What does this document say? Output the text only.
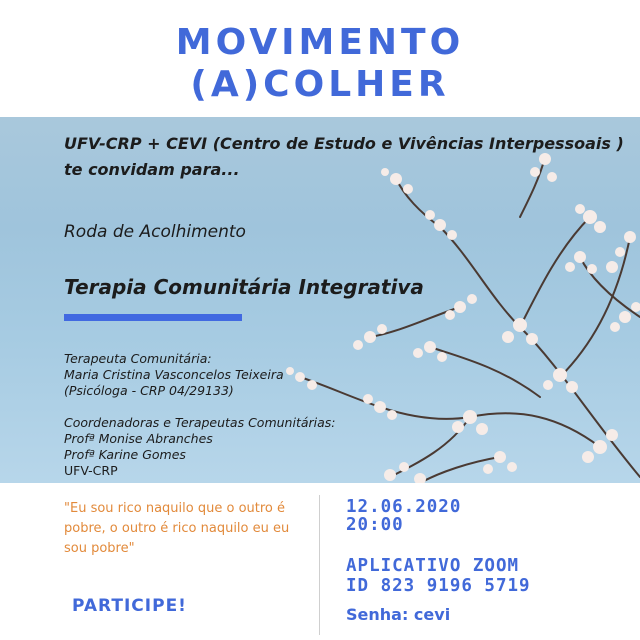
MOVIMENTO
(A)COLHER
UFV-CRP + CEVI (Centro de Estudo e Vivências Interpessoais )
te convidam para...
Roda de Acolhimento
Terapia Comunitária Integrativa
Terapeuta Comunitária:
Maria Cristina Vasconcelos Teixeira
(Psicóloga - CRP 04/29133)
Coordenadoras e Terapeutas Comunitárias:
Profª Monise Abranches
Profª Karine Gomes
UFV-CRP
"Eu sou rico naquilo que o outro é pobre, o outro é rico naquilo eu eu sou pobre"
12.06.2020
20:00
APLICATIVO ZOOM
ID 823 9196 5719
Senha: cevi
PARTICIPE!
